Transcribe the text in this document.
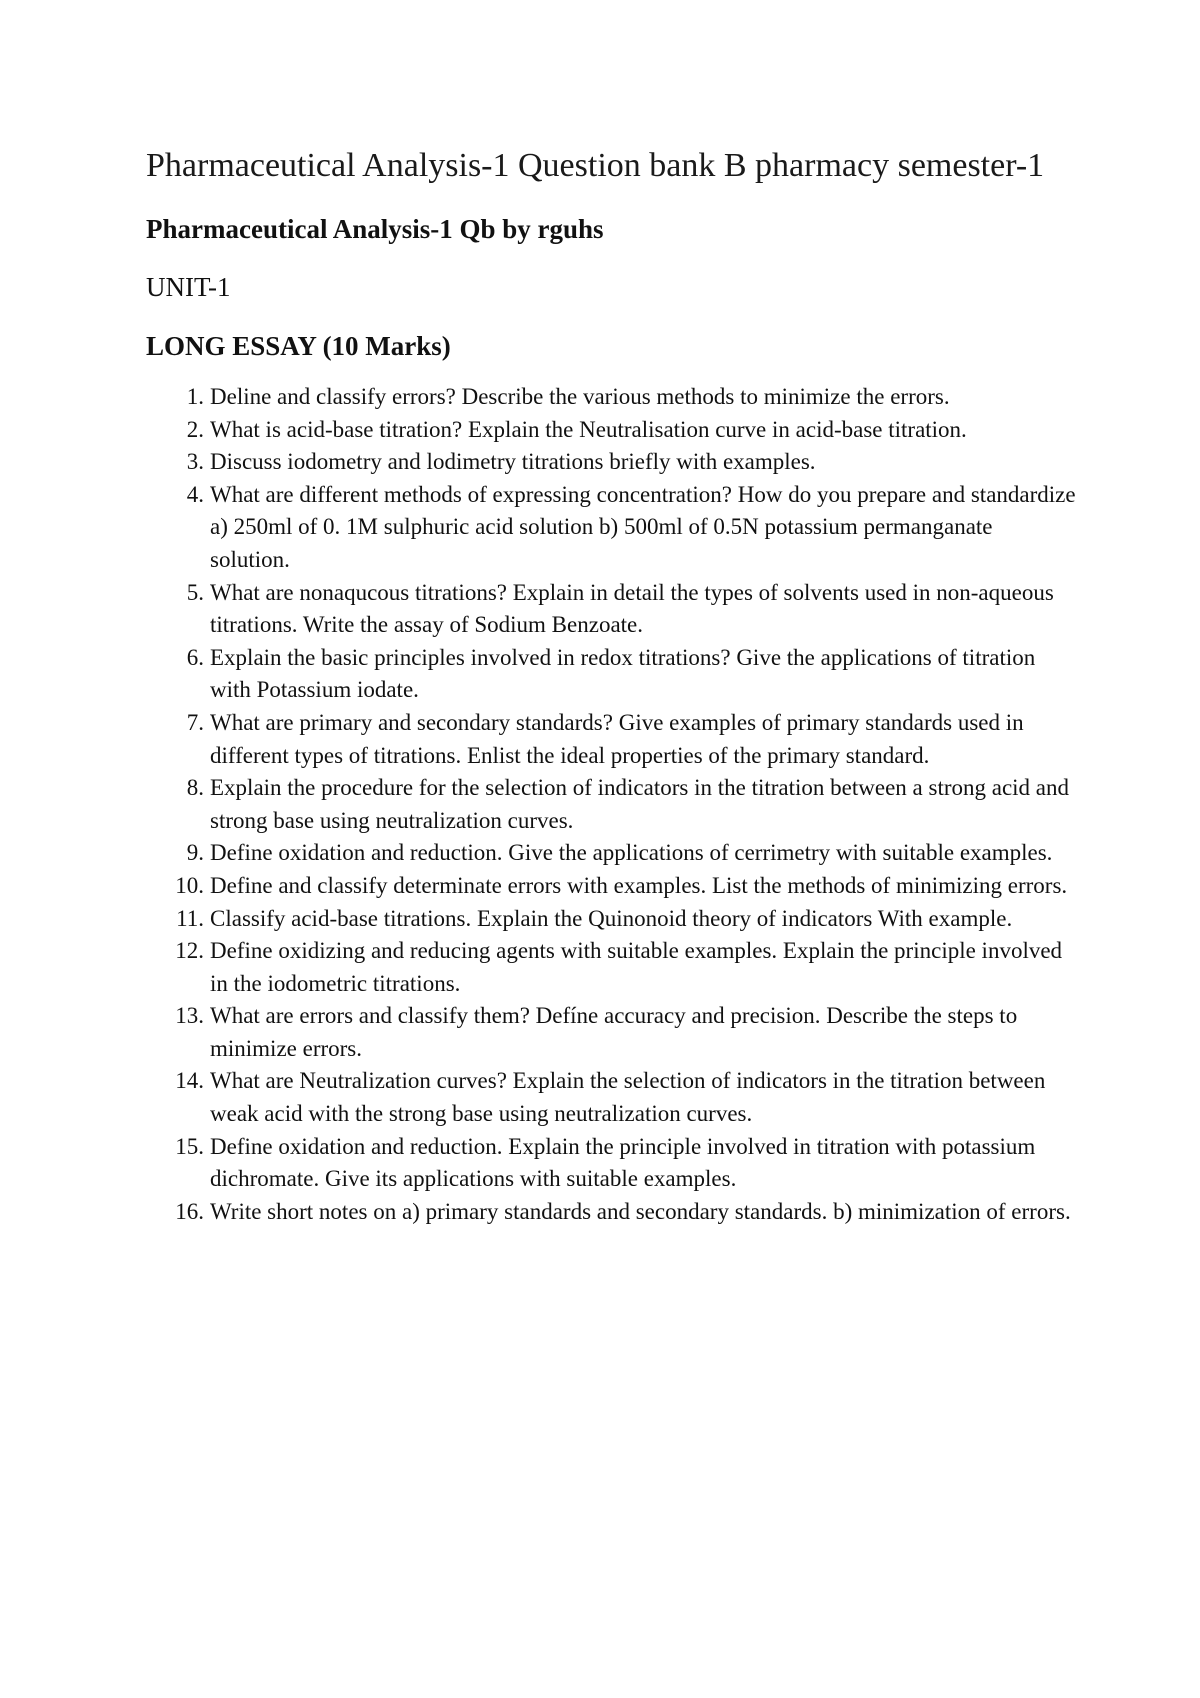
Pharmaceutical Analysis-1 Question bank B pharmacy semester-1
Pharmaceutical Analysis-1 Qb by rguhs
UNIT-1
LONG ESSAY (10 Marks)
1. Deline and classify errors? Describe the various methods to minimize the errors.
2. What is acid-base titration? Explain the Neutralisation curve in acid-base titration.
3. Discuss iodometry and lodimetry titrations briefly with examples.
4. What are different methods of expressing concentration? How do you prepare and standardize a) 250ml of 0. 1M sulphuric acid solution b) 500ml of 0.5N potassium permanganate solution.
5. What are nonaqucous titrations? Explain in detail the types of solvents used in non-aqueous titrations. Write the assay of Sodium Benzoate.
6. Explain the basic principles involved in redox titrations? Give the applications of titration with Potassium iodate.
7. What are primary and secondary standards? Give examples of primary standards used in different types of titrations. Enlist the ideal properties of the primary standard.
8. Explain the procedure for the selection of indicators in the titration between a strong acid and strong base using neutralization curves.
9. Define oxidation and reduction. Give the applications of cerrimetry with suitable examples.
10. Define and classify determinate errors with examples. List the methods of minimizing errors.
11. Classify acid-base titrations. Explain the Quinonoid theory of indicators With example.
12. Define oxidizing and reducing agents with suitable examples. Explain the principle involved in the iodometric titrations.
13. What are errors and classify them? Defíne accuracy and precision. Describe the steps to minimize errors.
14. What are Neutralization curves? Explain the selection of indicators in the titration between weak acid with the strong base using neutralization curves.
15. Define oxidation and reduction. Explain the principle involved in titration with potassium dichromate. Give its applications with suitable examples.
16. Write short notes on a) primary standards and secondary standards. b) minimization of errors.
